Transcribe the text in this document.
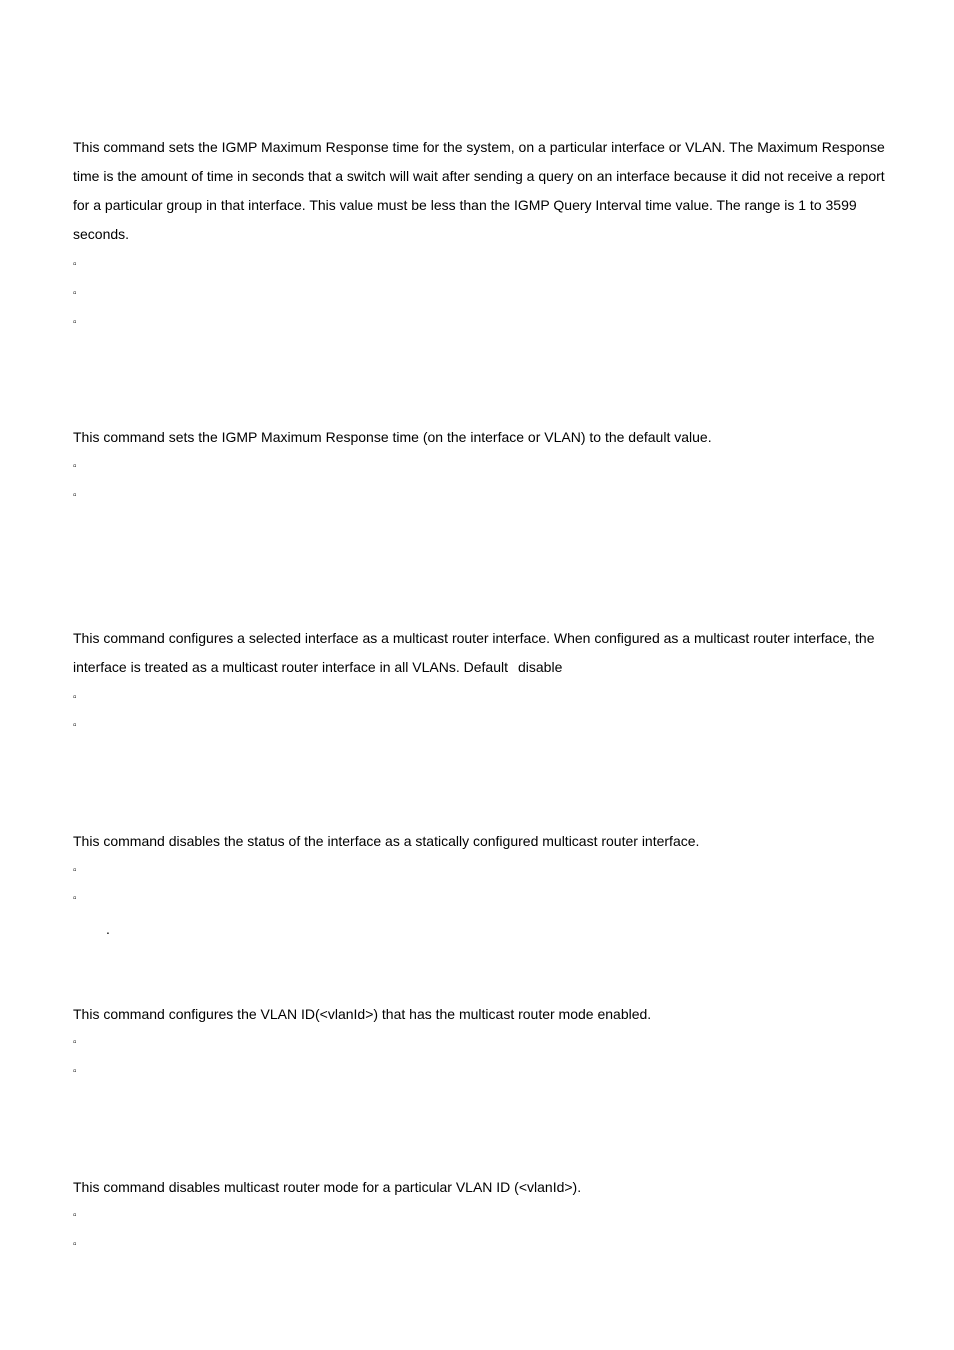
This command sets the IGMP Maximum Response time for the system, on a particular interface or VLAN. The Maximum Response time is the amount of time in seconds that a switch will wait after sending a query on an interface because it did not receive a report for a particular group in that interface. This value must be less than the IGMP Query Interval time value. The range is 1 to 3599 seconds.

▫
▫
▫

This command sets the IGMP Maximum Response time (on the interface or VLAN) to the default value.

▫
▫

This command configures a selected interface as a multicast router interface. When configured as a multicast router interface, the interface is treated as a multicast router interface in all VLANs. Default disable

▫
▫

This command disables the status of the interface as a statically configured multicast router interface.

▫
▫
.

This command configures the VLAN ID(<vlanId>) that has the multicast router mode enabled.

▫
▫

This command disables multicast router mode for a particular VLAN ID (<vlanId>).

▫
▫
